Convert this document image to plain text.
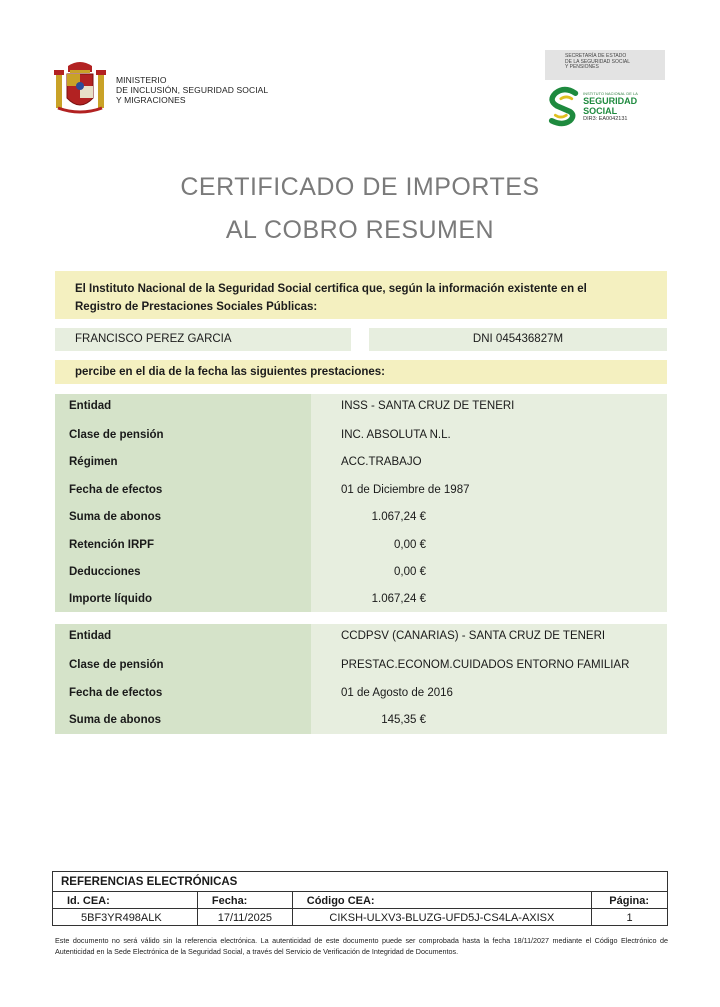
MINISTERIO
DE INCLUSIÓN, SEGURIDAD SOCIAL
Y MIGRACIONES
SECRETARÍA DE ESTADO
DE LA SEGURIDAD SOCIAL
Y PENSIONES
INSTITUTO NACIONAL DE LA
SEGURIDAD SOCIAL
DIR3: EA0042131
CERTIFICADO DE IMPORTES
AL COBRO RESUMEN
El Instituto Nacional de la Seguridad Social certifica que, según la información existente en el
Registro de Prestaciones Sociales Públicas:
FRANCISCO PEREZ GARCIA	DNI 045436827M
percibe en el dia de la fecha las siguientes prestaciones:
Entidad	INSS - SANTA CRUZ DE TENERI
Clase de pensión	INC. ABSOLUTA N.L.
Régimen	ACC.TRABAJO
Fecha de efectos	01 de Diciembre de 1987
Suma de abonos	1.067,24 €
Retención IRPF	0,00 €
Deducciones	0,00 €
Importe líquido	1.067,24 €
Entidad	CCDPSV (CANARIAS) - SANTA CRUZ DE TENERI
Clase de pensión	PRESTAC.ECONOM.CUIDADOS ENTORNO FAMILIAR
Fecha de efectos	01 de Agosto de 2016
Suma de abonos	145,35 €
REFERENCIAS ELECTRÓNICAS			
Id. CEA:	Fecha:	Código CEA:	Página:
5BF3YR498ALK	17/11/2025	CIKSH-ULXV3-BLUZG-UFD5J-CS4LA-AXISX	1
Este documento no será válido sin la referencia electrónica. La autenticidad de este documento puede ser comprobada hasta la fecha 18/11/2027 mediante el Código Electrónico de Autenticidad en la Sede Electrónica de la Seguridad Social, a través del Servicio de Verificación de Integridad de Documentos.
